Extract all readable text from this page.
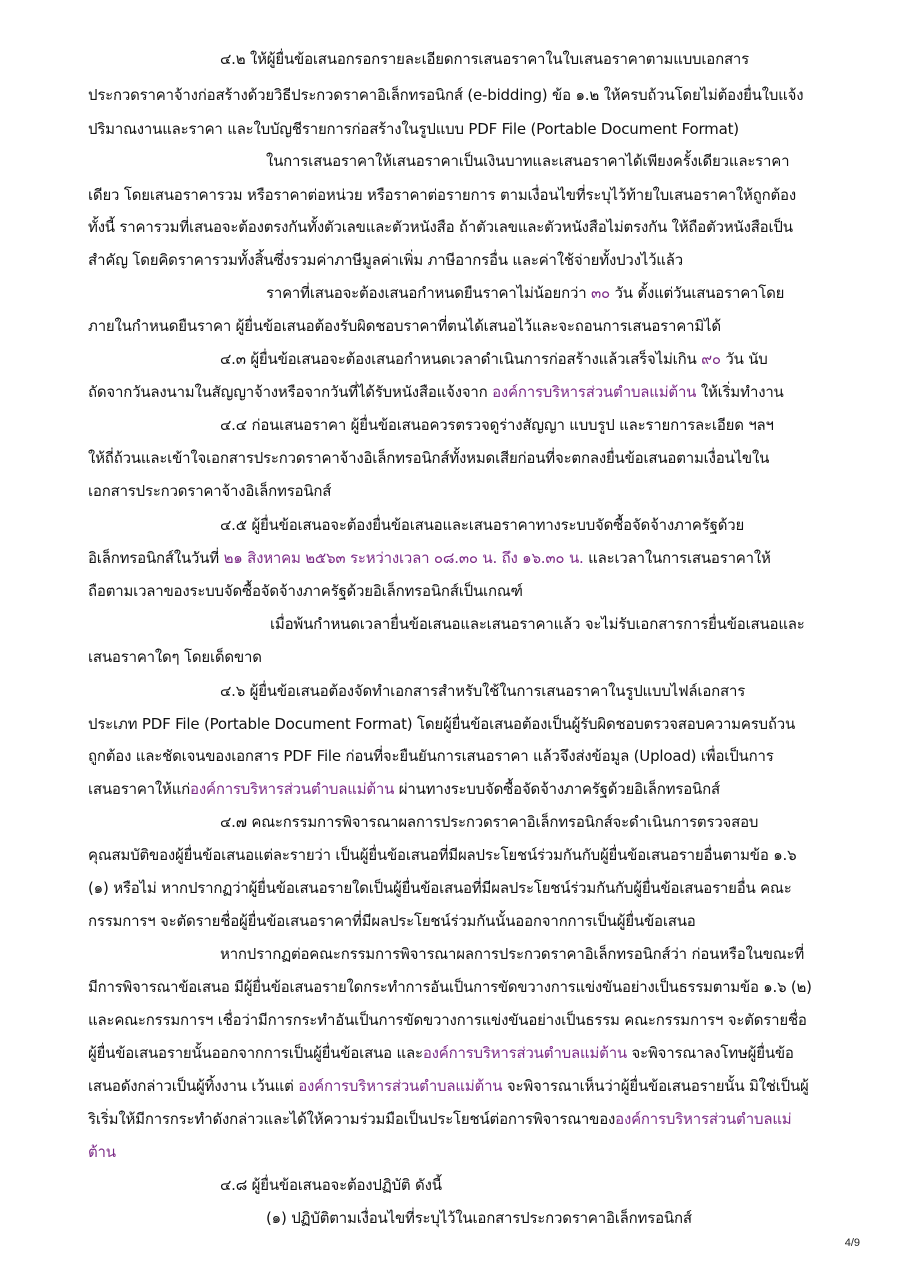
๔.๒ ให้ผู้ยื่นข้อเสนอกรอกรายละเอียดการเสนอราคาในใบเสนอราคาตามแบบเอกสาร
ประกวดราคาจ้างก่อสร้างด้วยวิธีประกวดราคาอิเล็กทรอนิกส์ (e-bidding) ข้อ ๑.๒ ให้ครบถ้วนโดยไม่ต้องยื่นใบแจ้ง
ปริมาณงานและราคา และใบบัญชีรายการก่อสร้างในรูปแบบ PDF File (Portable Document Format)
ในการเสนอราคาให้เสนอราคาเป็นเงินบาทและเสนอราคาได้เพียงครั้งเดียวและราคา
เดียว โดยเสนอราคารวม หรือราคาต่อหน่วย หรือราคาต่อรายการ ตามเงื่อนไขที่ระบุไว้ท้ายใบเสนอราคาให้ถูกต้อง
ทั้งนี้ ราคารวมที่เสนอจะต้องตรงกันทั้งตัวเลขและตัวหนังสือ ถ้าตัวเลขและตัวหนังสือไม่ตรงกัน ให้ถือตัวหนังสือเป็น
สำคัญ โดยคิดราคารวมทั้งสิ้นซึ่งรวมค่าภาษีมูลค่าเพิ่ม ภาษีอากรอื่น และค่าใช้จ่ายทั้งปวงไว้แล้ว
ราคาที่เสนอจะต้องเสนอกำหนดยืนราคาไม่น้อยกว่า ๓๐ วัน ตั้งแต่วันเสนอราคาโดย
ภายในกำหนดยืนราคา ผู้ยื่นข้อเสนอต้องรับผิดชอบราคาที่ตนได้เสนอไว้และจะถอนการเสนอราคามิได้
๔.๓ ผู้ยื่นข้อเสนอจะต้องเสนอกำหนดเวลาดำเนินการก่อสร้างแล้วเสร็จไม่เกิน ๙๐ วัน นับ
ถัดจากวันลงนามในสัญญาจ้างหรือจากวันที่ได้รับหนังสือแจ้งจาก องค์การบริหารส่วนตำบลแม่ต้าน ให้เริ่มทำงาน
๔.๔ ก่อนเสนอราคา ผู้ยื่นข้อเสนอควรตรวจดูร่างสัญญา แบบรูป และรายการละเอียด ฯลฯ
ให้ถี่ถ้วนและเข้าใจเอกสารประกวดราคาจ้างอิเล็กทรอนิกส์ทั้งหมดเสียก่อนที่จะตกลงยื่นข้อเสนอตามเงื่อนไขใน
เอกสารประกวดราคาจ้างอิเล็กทรอนิกส์
๔.๕ ผู้ยื่นข้อเสนอจะต้องยื่นข้อเสนอและเสนอราคาทางระบบจัดซื้อจัดจ้างภาครัฐด้วย
อิเล็กทรอนิกส์ในวันที่ ๒๑ สิงหาคม ๒๕๖๓ ระหว่างเวลา ๐๘.๓๐ น. ถึง ๑๖.๓๐ น. และเวลาในการเสนอราคาให้
ถือตามเวลาของระบบจัดซื้อจัดจ้างภาครัฐด้วยอิเล็กทรอนิกส์เป็นเกณฑ์
เมื่อพ้นกำหนดเวลายื่นข้อเสนอและเสนอราคาแล้ว จะไม่รับเอกสารการยื่นข้อเสนอและ
เสนอราคาใดๆ โดยเด็ดขาด
๔.๖ ผู้ยื่นข้อเสนอต้องจัดทำเอกสารสำหรับใช้ในการเสนอราคาในรูปแบบไฟล์เอกสาร
ประเภท PDF File (Portable Document Format) โดยผู้ยื่นข้อเสนอต้องเป็นผู้รับผิดชอบตรวจสอบความครบถ้วน
ถูกต้อง และชัดเจนของเอกสาร PDF File ก่อนที่จะยืนยันการเสนอราคา แล้วจึงส่งข้อมูล (Upload) เพื่อเป็นการ
เสนอราคาให้แก่องค์การบริหารส่วนตำบลแม่ต้าน ผ่านทางระบบจัดซื้อจัดจ้างภาครัฐด้วยอิเล็กทรอนิกส์
๔.๗ คณะกรรมการพิจารณาผลการประกวดราคาอิเล็กทรอนิกส์จะดำเนินการตรวจสอบ
คุณสมบัติของผู้ยื่นข้อเสนอแต่ละรายว่า เป็นผู้ยื่นข้อเสนอที่มีผลประโยชน์ร่วมกันกับผู้ยื่นข้อเสนอรายอื่นตามข้อ ๑.๖
(๑) หรือไม่ หากปรากฏว่าผู้ยื่นข้อเสนอรายใดเป็นผู้ยื่นข้อเสนอที่มีผลประโยชน์ร่วมกันกับผู้ยื่นข้อเสนอรายอื่น คณะ
กรรมการฯ จะตัดรายชื่อผู้ยื่นข้อเสนอราคาที่มีผลประโยชน์ร่วมกันนั้นออกจากการเป็นผู้ยื่นข้อเสนอ
หากปรากฏต่อคณะกรรมการพิจารณาผลการประกวดราคาอิเล็กทรอนิกส์ว่า ก่อนหรือในขณะที่
มีการพิจารณาข้อเสนอ มีผู้ยื่นข้อเสนอรายใดกระทำการอันเป็นการขัดขวางการแข่งขันอย่างเป็นธรรมตามข้อ ๑.๖ (๒)
และคณะกรรมการฯ เชื่อว่ามีการกระทำอันเป็นการขัดขวางการแข่งขันอย่างเป็นธรรม คณะกรรมการฯ จะตัดรายชื่อ
ผู้ยื่นข้อเสนอรายนั้นออกจากการเป็นผู้ยื่นข้อเสนอ และองค์การบริหารส่วนตำบลแม่ต้าน จะพิจารณาลงโทษผู้ยื่นข้อ
เสนอดังกล่าวเป็นผู้ทิ้งงาน เว้นแต่ องค์การบริหารส่วนตำบลแม่ต้าน จะพิจารณาเห็นว่าผู้ยื่นข้อเสนอรายนั้น มิใช่เป็นผู้
ริเริ่มให้มีการกระทำดังกล่าวและได้ให้ความร่วมมือเป็นประโยชน์ต่อการพิจารณาขององค์การบริหารส่วนตำบลแม่
ต้าน
๔.๘ ผู้ยื่นข้อเสนอจะต้องปฏิบัติ ดังนี้
(๑) ปฏิบัติตามเงื่อนไขที่ระบุไว้ในเอกสารประกวดราคาอิเล็กทรอนิกส์
4/9
